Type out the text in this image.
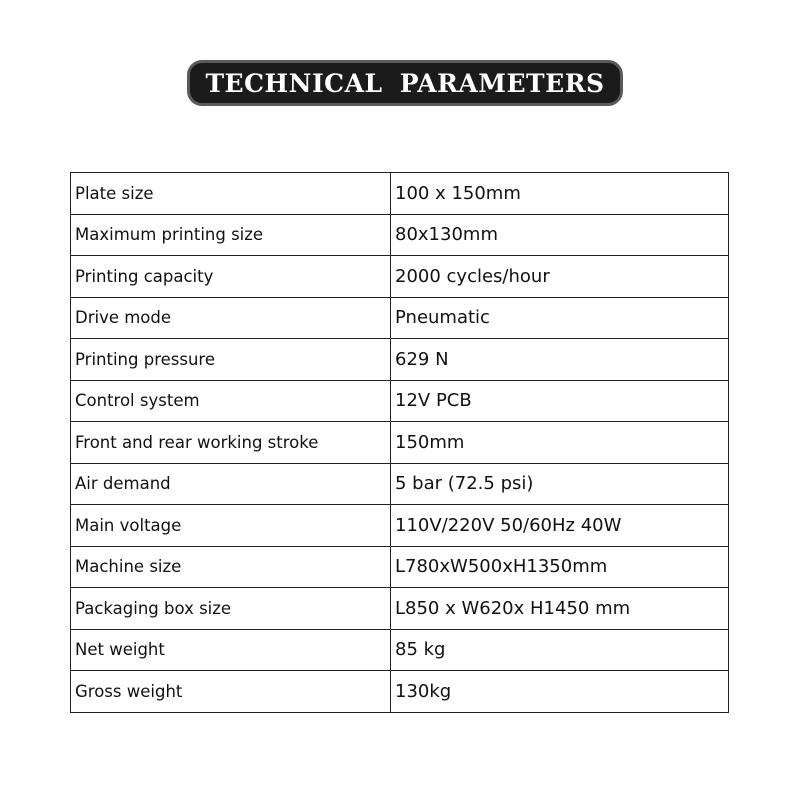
TECHNICAL PARAMETERS
Plate size	100 x 150mm
Maximum printing size	80x130mm
Printing capacity	2000 cycles/hour
Drive mode	Pneumatic
Printing pressure	629 N
Control system	12V PCB
Front and rear working stroke	150mm
Air demand	5 bar (72.5 psi)
Main voltage	110V/220V 50/60Hz 40W
Machine size	L780xW500xH1350mm
Packaging box size	L850 x W620x H1450 mm
Net weight	85 kg
Gross weight	130kg
